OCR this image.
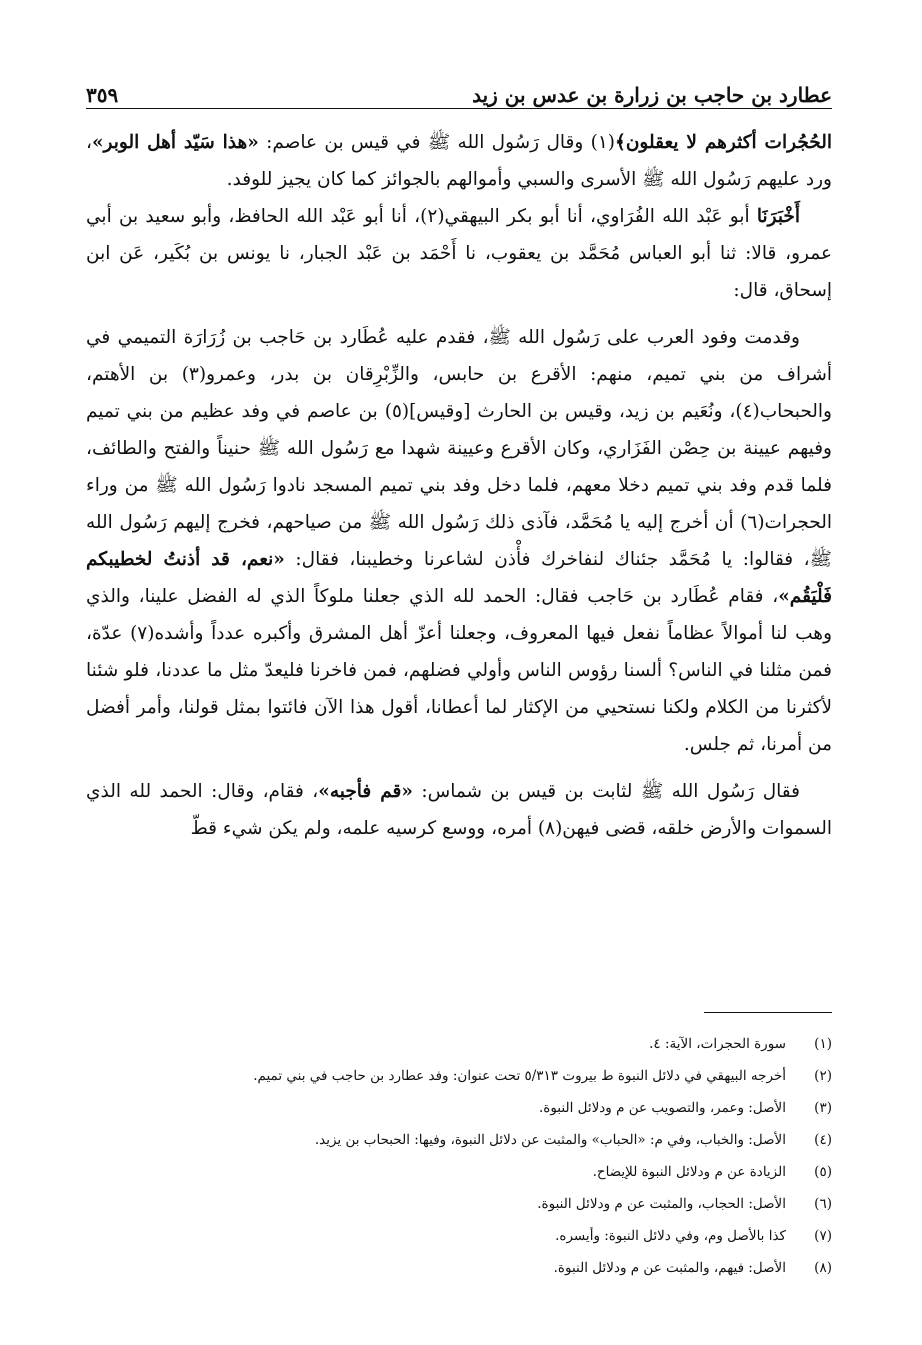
عطارد بن حاجب بن زرارة بن عدس بن زيد
٣٥٩

الحُجُرات أكثرهم لا يعقلون﴾(١) وقال رَسُول الله ﷺ في قيس بن عاصم: «هذا سَيّد أهل الوبر»، ورد عليهم رَسُول الله ﷺ الأسرى والسبي وأموالهم بالجوائز كما كان يجيز للوفد.

أَخْبَرَنَا أبو عَبْد الله الفُرَاوي، أنا أبو بكر البيهقي(٢)، أنا أبو عَبْد الله الحافظ، وأبو سعيد بن أبي عمرو، قالا: ثنا أبو العباس مُحَمَّد بن يعقوب، نا أَحْمَد بن عَبْد الجبار، نا يونس بن بُكَير، عَن ابن إسحاق، قال:

وقدمت وفود العرب على رَسُول الله ﷺ، فقدم عليه عُطَارد بن حَاجب بن زُرَارَة التميمي في أشراف من بني تميم، منهم: الأقرع بن حابس، والزِّبْرِقان بن بدر، وعمرو(٣) بن الأهتم، والحبحاب(٤)، ونُعَيم بن زيد، وقيس بن الحارث [وقيس](٥) بن عاصم في وفد عظيم من بني تميم وفيهم عيينة بن حِصْن الفَزَاري، وكان الأقرع وعيينة شهدا مع رَسُول الله ﷺ حنيناً والفتح والطائف، فلما قدم وفد بني تميم دخلا معهم، فلما دخل وفد بني تميم المسجد نادوا رَسُول الله ﷺ من وراء الحجرات(٦) أن أخرج إليه يا مُحَمَّد، فآذى ذلك رَسُول الله ﷺ من صياحهم، فخرج إليهم رَسُول الله ﷺ، فقالوا: يا مُحَمَّد جئناك لنفاخرك فأْذن لشاعرنا وخطيبنا، فقال: «نعم، قد أذنتُ لخطيبكم فَلْيَقُم»، فقام عُطَارد بن حَاجب فقال: الحمد لله الذي جعلنا ملوكاً الذي له الفضل علينا، والذي وهب لنا أموالاً عظاماً نفعل فيها المعروف، وجعلنا أعزّ أهل المشرق وأكبره عدداً وأشده(٧) عدّة، فمن مثلنا في الناس؟ ألسنا رؤوس الناس وأولي فضلهم، فمن فاخرنا فليعدّ مثل ما عددنا، فلو شئنا لأكثرنا من الكلام ولكنا نستحيي من الإكثار لما أعطانا، أقول هذا الآن فائتوا بمثل قولنا، وأمر أفضل من أمرنا، ثم جلس.

فقال رَسُول الله ﷺ لثابت بن قيس بن شماس: «قم فأجبه»، فقام، وقال: الحمد لله الذي السموات والأرض خلقه، قضى فيهن(٨) أمره، ووسع كرسيه علمه، ولم يكن شيء قطّ

(١)
سورة الحجرات، الآية: ٤.
(٢)
أخرجه البيهقي في دلائل النبوة ط بيروت ٥/٣١٣ تحت عنوان: وفد عطارد بن حاجب في بني تميم.
(٣)
الأصل: وعمر، والتصويب عن م ودلائل النبوة.
(٤)
الأصل: والخباب، وفي م: «الحباب» والمثبت عن دلائل النبوة، وفيها: الحبحاب بن يزيد.
(٥)
الزيادة عن م ودلائل النبوة للإيضاح.
(٦)
الأصل: الحجاب، والمثبت عن م ودلائل النبوة.
(٧)
كذا بالأصل وم، وفي دلائل النبوة: وأيسره.
(٨)
الأصل: فيهم، والمثبت عن م ودلائل النبوة.
